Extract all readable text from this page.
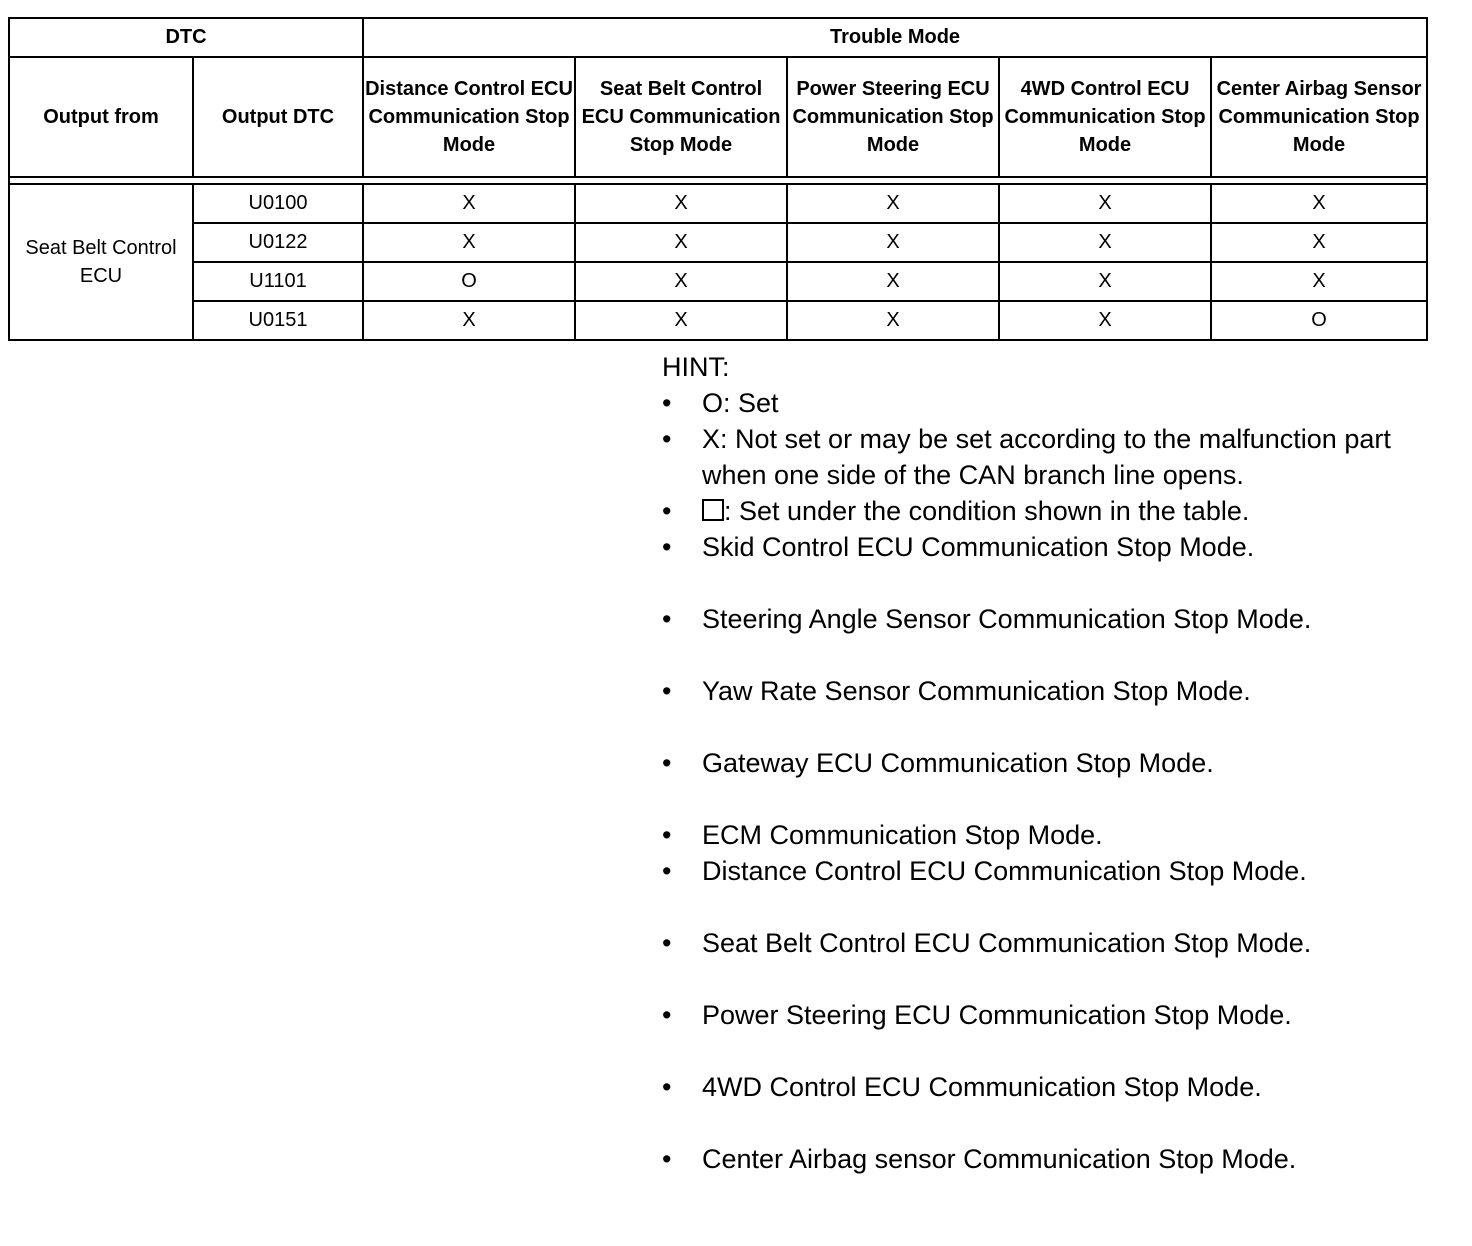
DTC		Trouble Mode				
Output from	Output DTC	Distance Control ECU Communication Stop Mode	Seat Belt Control ECU Communication Stop Mode	Power Steering ECU Communication Stop Mode	4WD Control ECU Communication Stop Mode	Center Airbag Sensor Communication Stop Mode

Seat Belt Control ECU	U0100	X	X	X	X	X
	U0122	X	X	X	X	X
	U1101	O	X	X	X	X
	U0151	X	X	X	X	O
HINT:
• O: Set
• X: Not set or may be set according to the malfunction part when one side of the CAN branch line opens.
• : Set under the condition shown in the table.
• Skid Control ECU Communication Stop Mode.
• Steering Angle Sensor Communication Stop Mode.
• Yaw Rate Sensor Communication Stop Mode.
• Gateway ECU Communication Stop Mode.
• ECM Communication Stop Mode.
• Distance Control ECU Communication Stop Mode.
• Seat Belt Control ECU Communication Stop Mode.
• Power Steering ECU Communication Stop Mode.
• 4WD Control ECU Communication Stop Mode.
• Center Airbag sensor Communication Stop Mode.
